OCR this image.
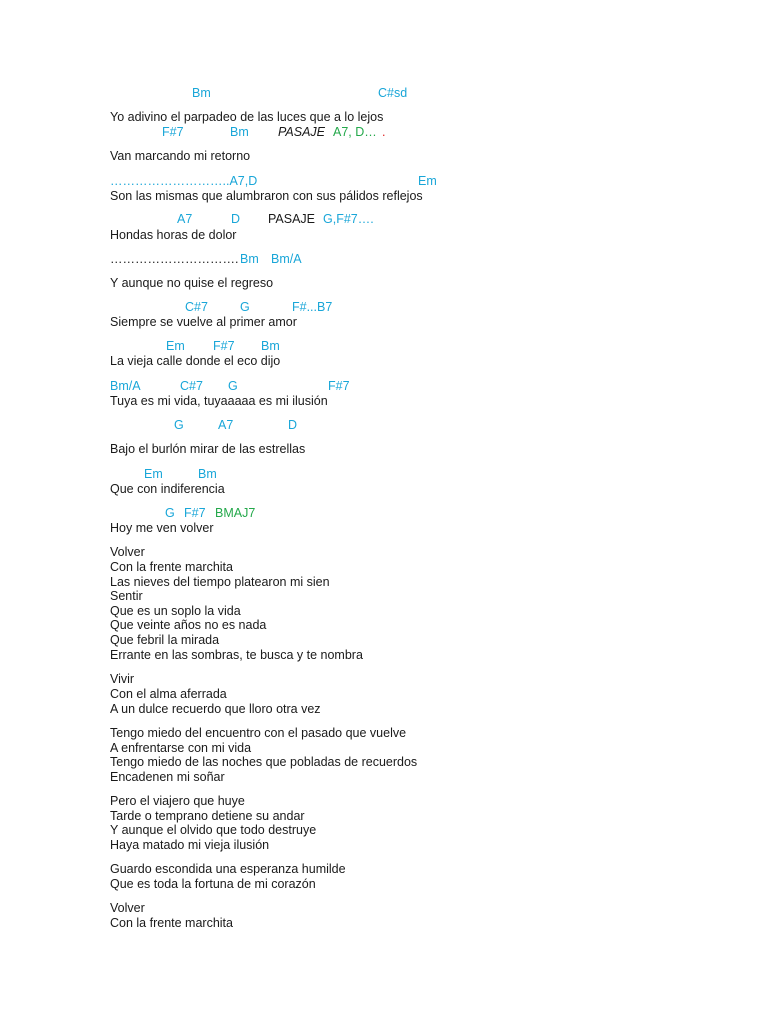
Bm	C#sd
Yo adivino el parpadeo de las luces que a lo lejos
F#7	Bm PASAJE A7, D… .
Van marcando mi retorno
………………………..A7,D	Em
Son las mismas que alumbraron con sus pálidos reflejos
A7	D PASAJE G,F#7….
Hondas horas de dolor
…………………………. Bm Bm/A
Y aunque no quise el regreso
C#7	G	F#...B7
Siempre se vuelve al primer amor
Em F#7 Bm
La vieja calle donde el eco dijo
Bm/A	C#7 G	F#7
Tuya es mi vida, tuyaaaaa es mi ilusión
G	A7	D
Bajo el burlón mirar de las estrellas
Em	Bm
Que con indiferencia
G F#7 BMAJ7
Hoy me ven volver
Volver
Con la frente marchita
Las nieves del tiempo platearon mi sien
Sentir
Que es un soplo la vida
Que veinte años no es nada
Que febril la mirada
Errante en las sombras, te busca y te nombra
Vivir
Con el alma aferrada
A un dulce recuerdo que lloro otra vez
Tengo miedo del encuentro con el pasado que vuelve
A enfrentarse con mi vida
Tengo miedo de las noches que pobladas de recuerdos
Encadenen mi soñar
Pero el viajero que huye
Tarde o temprano detiene su andar
Y aunque el olvido que todo destruye
Haya matado mi vieja ilusión
Guardo escondida una esperanza humilde
Que es toda la fortuna de mi corazón
Volver
Con la frente marchita
